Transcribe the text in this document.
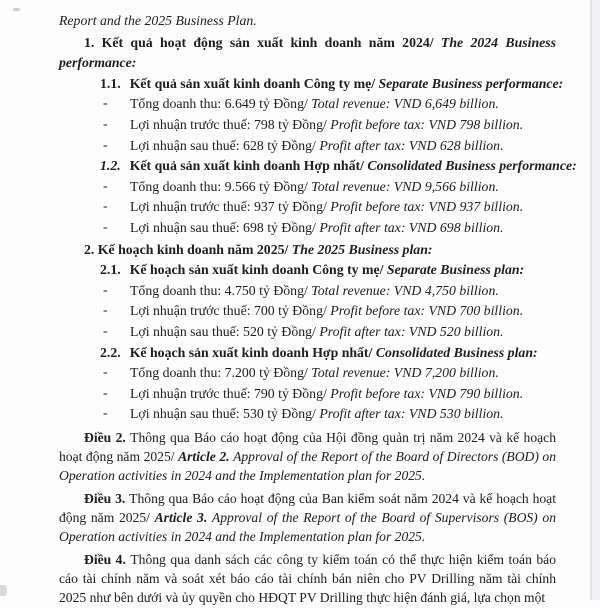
Report and the 2025 Business Plan.
1. Kết quả hoạt động sản xuất kinh doanh năm 2024/ The 2024 Business performance:
1.1. Kết quả sản xuất kinh doanh Công ty mẹ/ Separate Business performance:
- Tổng doanh thu: 6.649 tỷ Đồng/ Total revenue: VND 6,649 billion.
- Lợi nhuận trước thuế: 798 tỷ Đồng/ Profit before tax: VND 798 billion.
- Lợi nhuận sau thuế: 628 tỷ Đồng/ Profit after tax: VND 628 billion.
1.2. Kết quả sản xuất kinh doanh Hợp nhất/ Consolidated Business performance:
- Tổng doanh thu: 9.566 tỷ Đồng/ Total revenue: VND 9,566 billion.
- Lợi nhuận trước thuế: 937 tỷ Đồng/ Profit before tax: VND 937 billion.
- Lợi nhuận sau thuế: 698 tỷ Đồng/ Profit after tax: VND 698 billion.
2. Kế hoạch kinh doanh năm 2025/ The 2025 Business plan:
2.1. Kế hoạch sản xuất kinh doanh Công ty mẹ/ Separate Business plan:
- Tổng doanh thu: 4.750 tỷ Đồng/ Total revenue: VND 4,750 billion.
- Lợi nhuận trước thuế: 700 tỷ Đồng/ Profit before tax: VND 700 billion.
- Lợi nhuận sau thuế: 520 tỷ Đồng/ Profit after tax: VND 520 billion.
2.2. Kế hoạch sản xuất kinh doanh Hợp nhất/ Consolidated Business plan:
- Tổng doanh thu: 7.200 tỷ Đồng/ Total revenue: VND 7,200 billion.
- Lợi nhuận trước thuế: 790 tỷ Đồng/ Profit before tax: VND 790 billion.
- Lợi nhuận sau thuế: 530 tỷ Đồng/ Profit after tax: VND 530 billion.
Điều 2. Thông qua Báo cáo hoạt động của Hội đồng quản trị năm 2024 và kế hoạch hoạt động năm 2025/ Article 2. Approval of the Report of the Board of Directors (BOD) on Operation activities in 2024 and the Implementation plan for 2025.
Điều 3. Thông qua Báo cáo hoạt động của Ban kiểm soát năm 2024 và kế hoạch hoạt động năm 2025/ Article 3. Approval of the Report of the Board of Supervisors (BOS) on Operation activities in 2024 and the Implementation plan for 2025.
Điều 4. Thông qua danh sách các công ty kiểm toán có thể thực hiện kiểm toán báo cáo tài chính năm và soát xét báo cáo tài chính bán niên cho PV Drilling năm tài chính 2025 như bên dưới và ủy quyền cho HĐQT PV Drilling thực hiện đánh giá, lựa chọn một
